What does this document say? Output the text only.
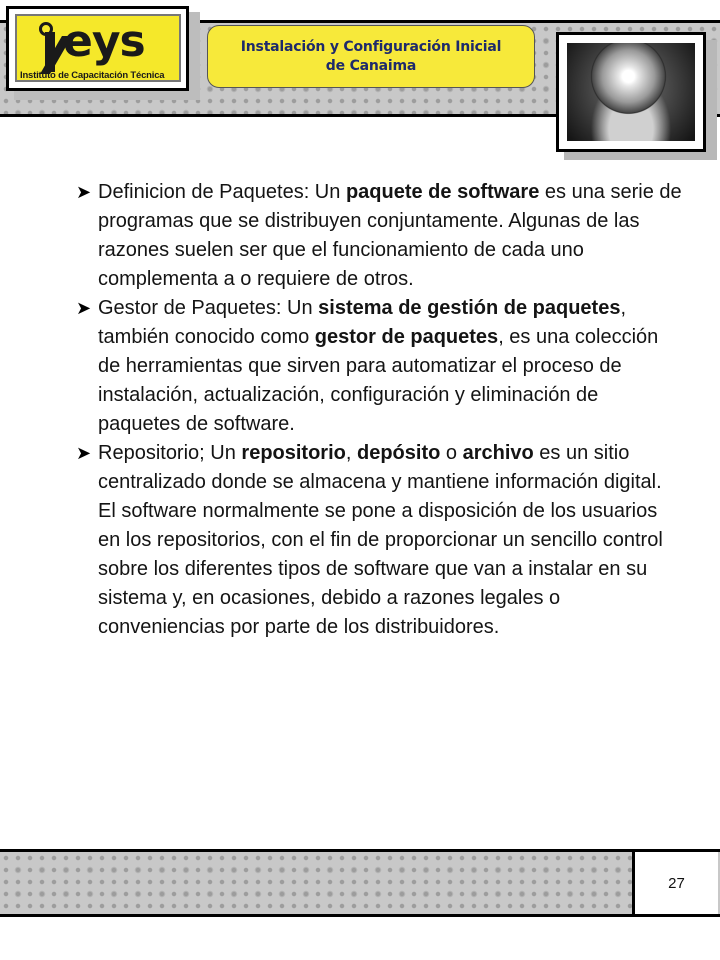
eys
Instituto de Capacitación Técnica
Instalación y Configuración Inicial
de Canaima
➤ Definicion de Paquetes: Un paquete de software es una serie de programas que se distribuyen conjuntamente. Algunas de las razones suelen ser que el funcionamiento de cada uno complementa a o requiere de otros.
➤ Gestor de Paquetes: Un sistema de gestión de paquetes, también conocido como gestor de paquetes, es una colección de herramientas que sirven para automatizar el proceso de instalación, actualización, configuración y eliminación de paquetes de software.
➤ Repositorio; Un repositorio, depósito o archivo es un sitio centralizado donde se almacena y mantiene información digital. El software normalmente se pone a disposición de los usuarios en los repositorios, con el fin de proporcionar un sencillo control sobre los diferentes tipos de software que van a instalar en su sistema y, en ocasiones, debido a razones legales o conveniencias por parte de los distribuidores.
27
